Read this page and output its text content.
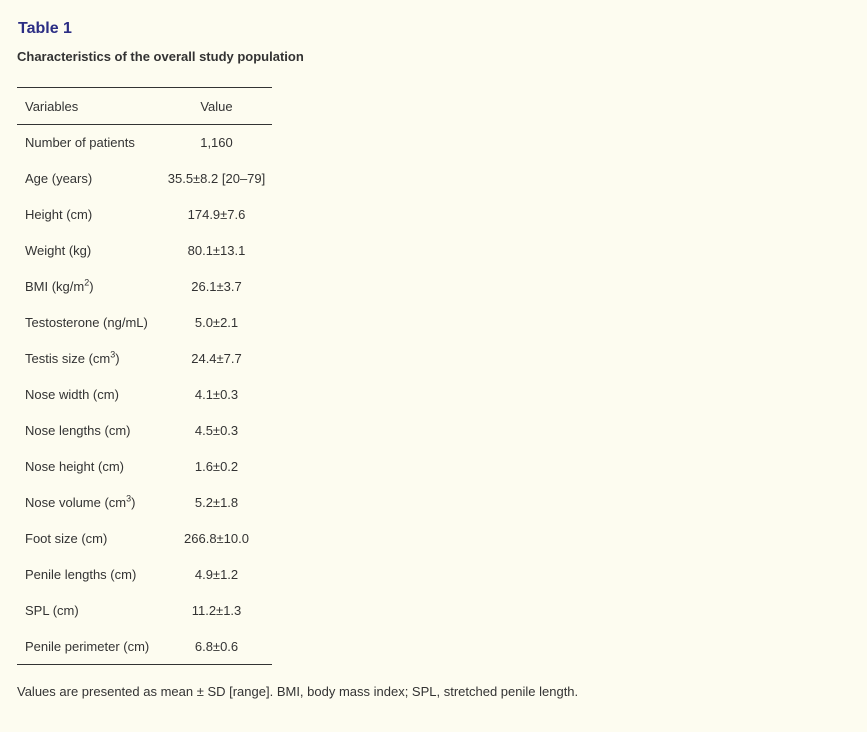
Table 1
Characteristics of the overall study population
Variables	Value
Number of patients	1,160
Age (years)	35.5±8.2 [20–79]
Height (cm)	174.9±7.6
Weight (kg)	80.1±13.1
BMI $(kg/m^2)$	26.1±3.7
Testosterone (ng/mL)	5.0±2.1
Testis size $(cm^3)$	24.4±7.7
Nose width (cm)	4.1±0.3
Nose lengths (cm)	4.5±0.3
Nose height (cm)	1.6±0.2
Nose volume $(cm^3)$	5.2±1.8
Foot size (cm)	266.8±10.0
Penile lengths (cm)	4.9±1.2
SPL (cm)	11.2±1.3
Penile perimeter (cm)	6.8±0.6

Values are presented as mean ± SD [range]. BMI, body mass index; SPL, stretched penile length.
